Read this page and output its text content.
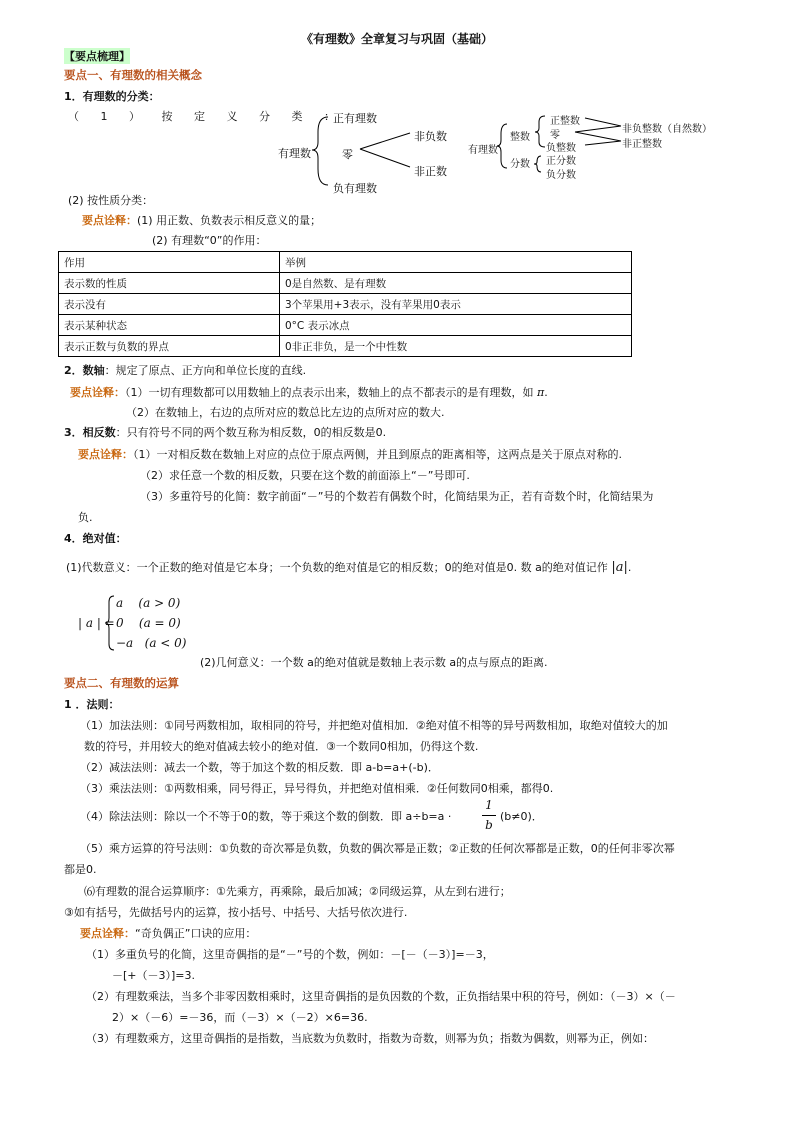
《有理数》全章复习与巩固（基础）
【要点梳理】
要点一、有理数的相关概念
1．有理数的分类：
（ 1 ） 按 定 义 分 类 ：
有理数
正有理数
零
负有理数
非负数
非正数
有理数
整数
分数
正整数
零
负整数
正分数
负分数
非负整数（自然数）
非正整数
(2) 按性质分类：
要点诠释：(1) 用正数、负数表示相反意义的量；
(2) 有理数“0”的作用：
作用	举例
表示数的性质	0是自然数、是有理数
表示没有	3个苹果用+3表示，没有苹果用0表示
表示某种状态	0°C 表示冰点
表示正数与负数的界点	0非正非负，是一个中性数
2．数轴：规定了原点、正方向和单位长度的直线.
要点诠释：（1）一切有理数都可以用数轴上的点表示出来，数轴上的点不都表示的是有理数，如 π.
（2）在数轴上，右边的点所对应的数总比左边的点所对应的数大.
3．相反数：只有符号不同的两个数互称为相反数，0的相反数是0.
要点诠释：（1）一对相反数在数轴上对应的点位于原点两侧，并且到原点的距离相等，这两点是关于原点对称的.
（2）求任意一个数的相反数，只要在这个数的前面添上“－”号即可.
（3）多重符号的化简：数字前面“－”号的个数若有偶数个时，化简结果为正，若有奇数个时，化简结果为
负.
4．绝对值：
(1)代数意义：一个正数的绝对值是它本身；一个负数的绝对值是它的相反数；0的绝对值是0. 数 a的绝对值记作 |a|.
| a | =
a    (a > 0)
0    (a = 0)
−a   (a < 0)
(2)几何意义：一个数 a的绝对值就是数轴上表示数 a的点与原点的距离.
要点二、有理数的运算
1 ．法则：
（1）加法法则：①同号两数相加，取相同的符号，并把绝对值相加．②绝对值不相等的异号两数相加，取绝对值较大的加
数的符号，并用较大的绝对值减去较小的绝对值．③一个数同0相加，仍得这个数.
（2）减法法则：减去一个数，等于加这个数的相反数．即 a-b=a+(-b)．
（3）乘法法则：①两数相乘，同号得正，异号得负，并把绝对值相乘．②任何数同0相乘，都得0.
（4）除法法则：除以一个不等于0的数，等于乘这个数的倒数．即 a÷b=a ·
1
b
(b≠0)．
（5）乘方运算的符号法则：①负数的奇次幂是负数，负数的偶次幂是正数；②正数的任何次幂都是正数，0的任何非零次幂
都是0.
⑹有理数的混合运算顺序：①先乘方，再乘除，最后加减；②同级运算，从左到右进行；
③如有括号，先做括号内的运算，按小括号、中括号、大括号依次进行.
要点诠释：“奇负偶正”口诀的应用：
（1）多重负号的化简，这里奇偶指的是“－”号的个数，例如：－[－（－3）]=－3，
－[+（－3）]=3.
（2）有理数乘法，当多个非零因数相乘时，这里奇偶指的是负因数的个数，正负指结果中积的符号，例如：（－3）×（－
2）×（－6）=－36，而（－3）×（－2）×6=36.
（3）有理数乘方，这里奇偶指的是指数，当底数为负数时，指数为奇数，则幂为负；指数为偶数，则幂为正，例如：
